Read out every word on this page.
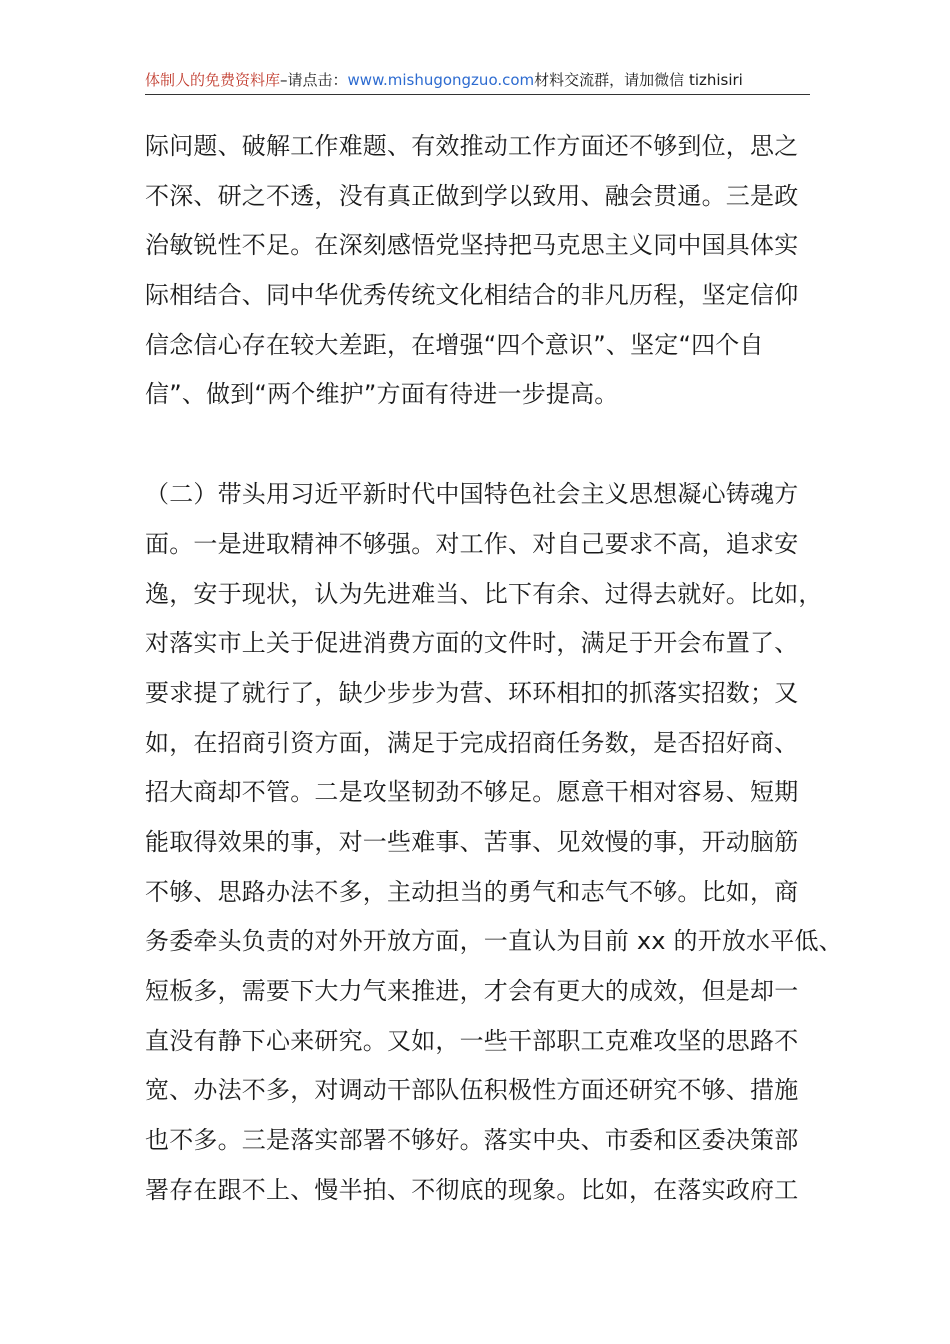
体制人的免费资料库–请点击：www.mishugongzuo.com材料交流群，请加微信 tizhisiri
际问题、破解工作难题、有效推动工作方面还不够到位，思之
不深、研之不透，没有真正做到学以致用、融会贯通。三是政
治敏锐性不足。在深刻感悟党坚持把马克思主义同中国具体实
际相结合、同中华优秀传统文化相结合的非凡历程，坚定信仰
信念信心存在较大差距，在增强“四个意识”、坚定“四个自
信”、做到“两个维护”方面有待进一步提高。
（二）带头用习近平新时代中国特色社会主义思想凝心铸魂方
面。一是进取精神不够强。对工作、对自己要求不高，追求安
逸，安于现状，认为先进难当、比下有余、过得去就好。比如，
对落实市上关于促进消费方面的文件时，满足于开会布置了、
要求提了就行了，缺少步步为营、环环相扣的抓落实招数；又
如，在招商引资方面，满足于完成招商任务数，是否招好商、
招大商却不管。二是攻坚韧劲不够足。愿意干相对容易、短期
能取得效果的事，对一些难事、苦事、见效慢的事，开动脑筋
不够、思路办法不多，主动担当的勇气和志气不够。比如，商
务委牵头负责的对外开放方面，一直认为目前 xx 的开放水平低、
短板多，需要下大力气来推进，才会有更大的成效，但是却一
直没有静下心来研究。又如，一些干部职工克难攻坚的思路不
宽、办法不多，对调动干部队伍积极性方面还研究不够、措施
也不多。三是落实部署不够好。落实中央、市委和区委决策部
署存在跟不上、慢半拍、不彻底的现象。比如，在落实政府工
